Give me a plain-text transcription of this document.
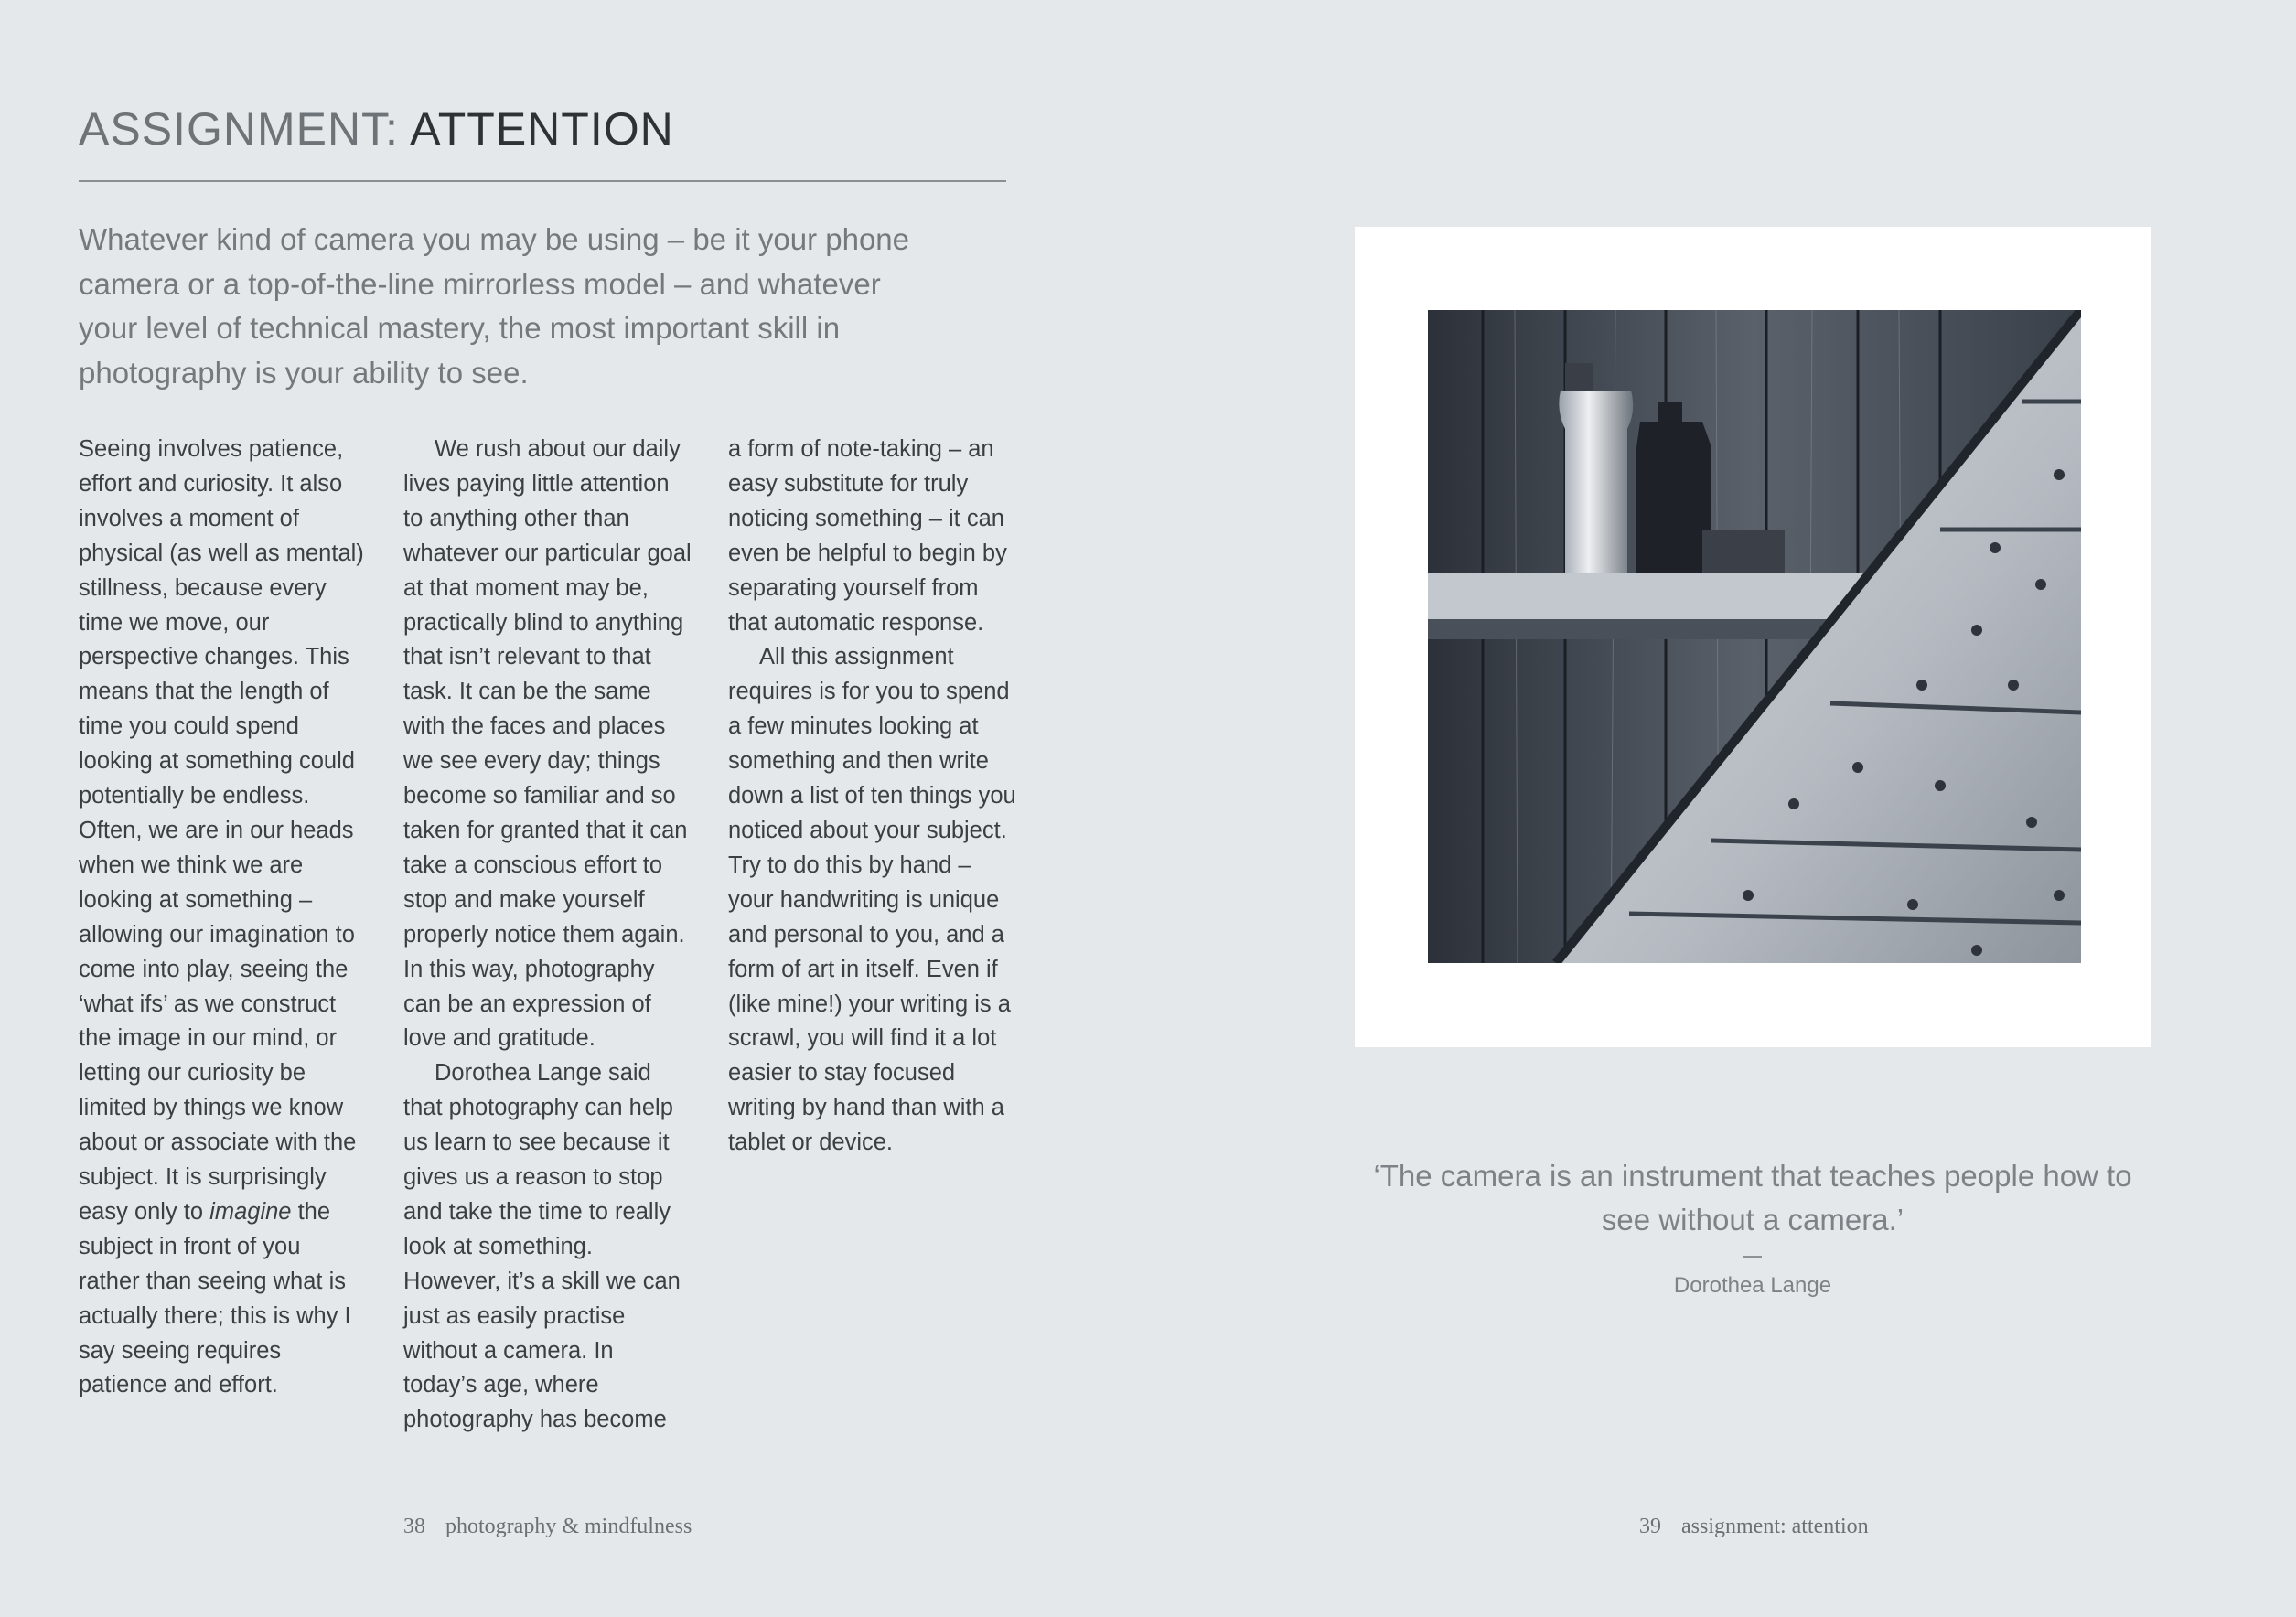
ASSIGNMENT: ATTENTION

Whatever kind of camera you may be using – be it your phone camera or a top-of-the-line mirrorless model – and whatever your level of technical mastery, the most important skill in photography is your ability to see.

Seeing involves patience, effort and curiosity. It also involves a moment of physical (as well as mental) stillness, because every time we move, our perspective changes. This means that the length of time you could spend looking at something could potentially be endless. Often, we are in our heads when we think we are looking at something – allowing our imagination to come into play, seeing the ‘what ifs’ as we construct the image in our mind, or letting our curiosity be limited by things we know about or associate with the subject. It is surprisingly easy only to imagine the subject in front of you rather than seeing what is actually there; this is why I say seeing requires patience and effort.

We rush about our daily lives paying little attention to anything other than whatever our particular goal at that moment may be, practically blind to anything that isn’t relevant to that task. It can be the same with the faces and places we see every day; things become so familiar and so taken for granted that it can take a conscious effort to stop and make yourself properly notice them again. In this way, photography can be an expression of love and gratitude.
Dorothea Lange said that photography can help us learn to see because it gives us a reason to stop and take the time to really look at something. However, it’s a skill we can just as easily practise without a camera. In today’s age, where photography has become
a form of note-taking – an easy substitute for truly noticing something – it can even be helpful to begin by separating yourself from that automatic response.
All this assignment requires is for you to spend a few minutes looking at something and then write down a list of ten things you noticed about your subject. Try to do this by hand – your handwriting is unique and personal to you, and a form of art in itself. Even if (like mine!) your writing is a scrawl, you will find it a lot easier to stay focused writing by hand than with a tablet or device.
38 photography & mindfulness
‘The camera is an instrument that teaches people how to see without a camera.’
Dorothea Lange
39 assignment: attention
